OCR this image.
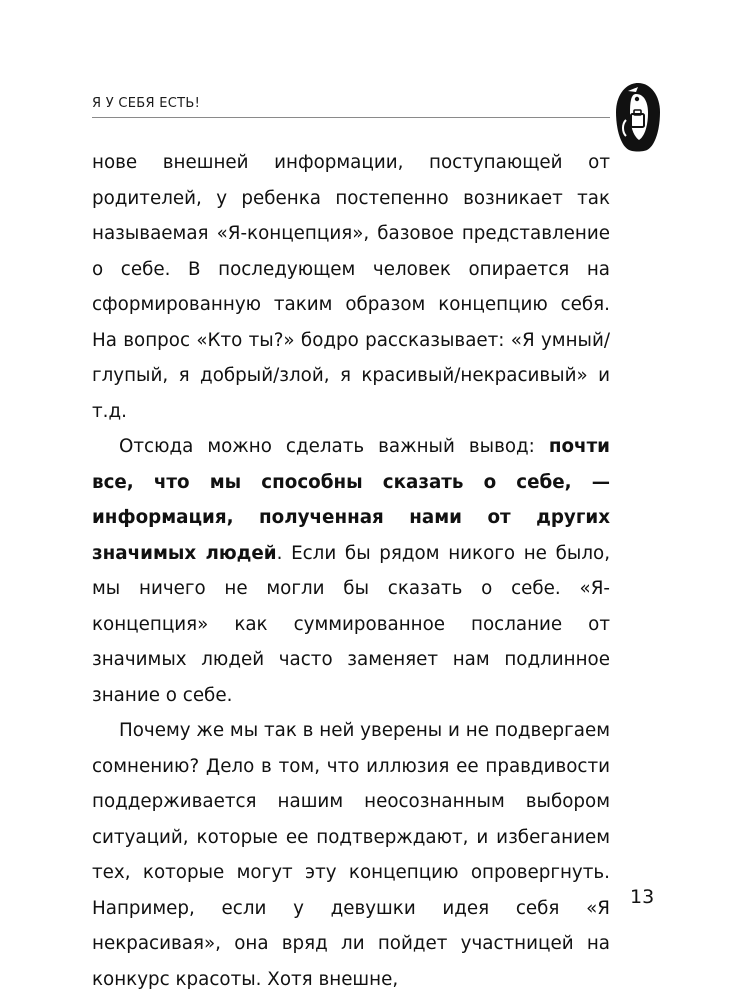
Я У СЕБЯ ЕСТЬ!

нове внешней информации, поступающей от родителей, у ребенка постепенно возникает так называемая «Я-концепция», базовое представление о себе. В последующем человек опирается на сформированную таким образом концепцию себя. На вопрос «Кто ты?» бодро рассказывает: «Я умный/глупый, я добрый/злой, я красивый/некрасивый» и т.д.

Отсюда можно сделать важный вывод: почти все, что мы способны сказать о себе, — информация, полученная нами от других значимых людей. Если бы рядом никого не было, мы ничего не могли бы сказать о себе. «Я-концепция» как суммированное послание от значимых людей часто заменяет нам подлинное знание о себе.

Почему же мы так в ней уверены и не подвергаем сомнению? Дело в том, что иллюзия ее правдивости поддерживается нашим неосознанным выбором ситуаций, которые ее подтверждают, и избеганием тех, которые могут эту концепцию опровергнуть. Например, если у девушки идея себя «Я некрасивая», она вряд ли пойдет участницей на конкурс красоты. Хотя внешне,

13
